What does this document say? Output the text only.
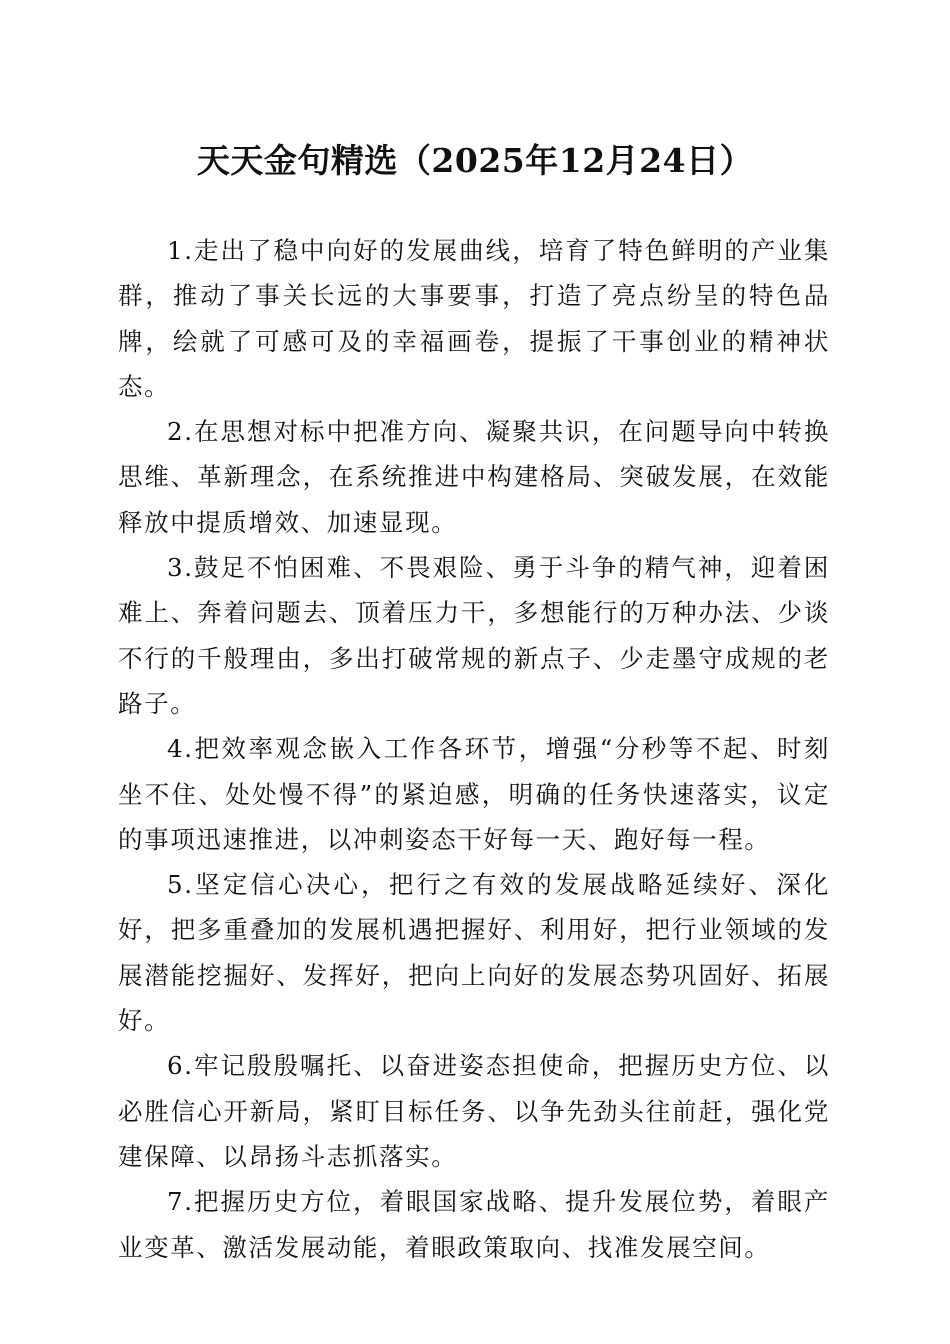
天天金句精选（2025年12月24日）

1.走出了稳中向好的发展曲线，培育了特色鲜明的产业集群，推动了事关长远的大事要事，打造了亮点纷呈的特色品牌，绘就了可感可及的幸福画卷，提振了干事创业的精神状态。

2.在思想对标中把准方向、凝聚共识，在问题导向中转换思维、革新理念，在系统推进中构建格局、突破发展，在效能释放中提质增效、加速显现。

3.鼓足不怕困难、不畏艰险、勇于斗争的精气神，迎着困难上、奔着问题去、顶着压力干，多想能行的万种办法、少谈不行的千般理由，多出打破常规的新点子、少走墨守成规的老路子。

4.把效率观念嵌入工作各环节，增强“分秒等不起、时刻坐不住、处处慢不得”的紧迫感，明确的任务快速落实，议定的事项迅速推进，以冲刺姿态干好每一天、跑好每一程。

5.坚定信心决心，把行之有效的发展战略延续好、深化好，把多重叠加的发展机遇把握好、利用好，把行业领域的发展潜能挖掘好、发挥好，把向上向好的发展态势巩固好、拓展好。

6.牢记殷殷嘱托、以奋进姿态担使命，把握历史方位、以必胜信心开新局，紧盯目标任务、以争先劲头往前赶，强化党建保障、以昂扬斗志抓落实。

7.把握历史方位，着眼国家战略、提升发展位势，着眼产业变革、激活发展动能，着眼政策取向、找准发展空间。
